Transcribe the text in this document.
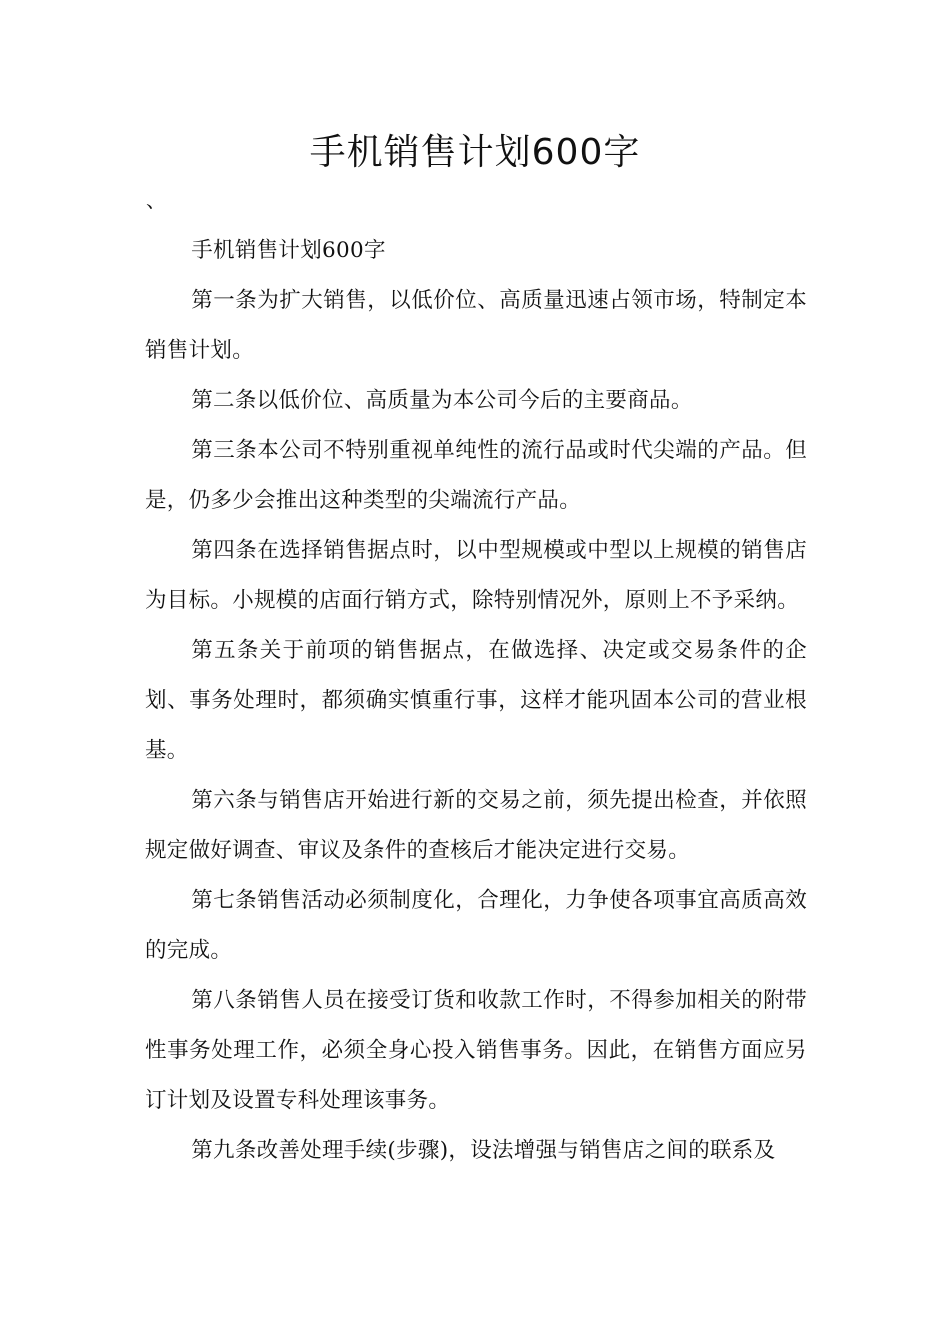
手机销售计划600字
、

手机销售计划600字

第一条为扩大销售，以低价位、高质量迅速占领市场，特制定本销售计划。

第二条以低价位、高质量为本公司今后的主要商品。

第三条本公司不特别重视单纯性的流行品或时代尖端的产品。但是，仍多少会推出这种类型的尖端流行产品。

第四条在选择销售据点时，以中型规模或中型以上规模的销售店为目标。小规模的店面行销方式，除特别情况外，原则上不予采纳。

第五条关于前项的销售据点，在做选择、决定或交易条件的企划、事务处理时，都须确实慎重行事，这样才能巩固本公司的营业根基。

第六条与销售店开始进行新的交易之前，须先提出检查，并依照规定做好调查、审议及条件的查核后才能决定进行交易。

第七条销售活动必须制度化，合理化，力争使各项事宜高质高效的完成。

第八条销售人员在接受订货和收款工作时，不得参加相关的附带性事务处理工作，必须全身心投入销售事务。因此，在销售方面应另订计划及设置专科处理该事务。

第九条改善处理手续(步骤)，设法增强与销售店之间的联系及
